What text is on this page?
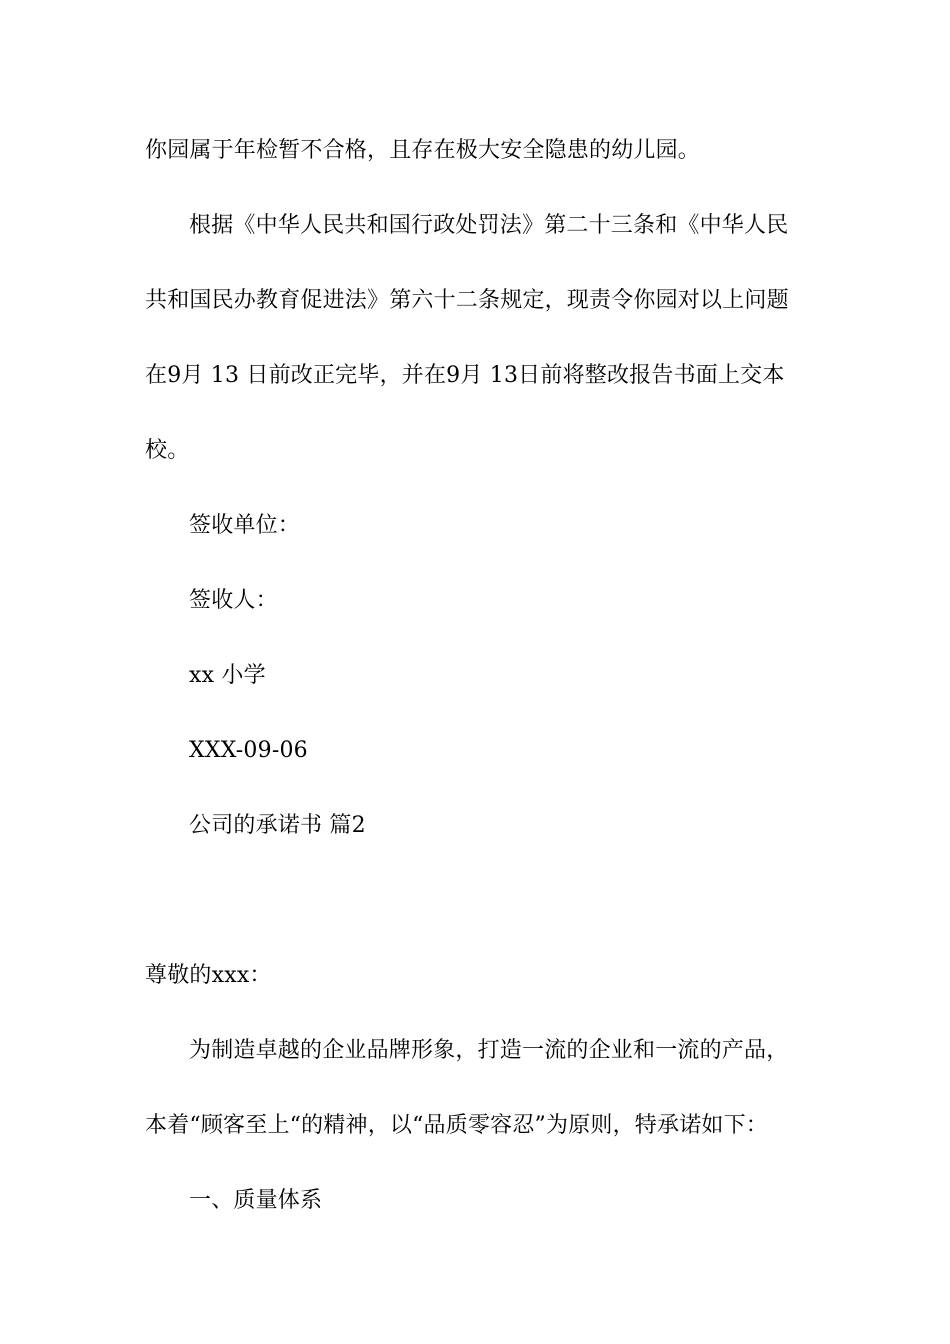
你园属于年检暂不合格，且存在极大安全隐患的幼儿园。
根据《中华人民共和国行政处罚法》第二十三条和《中华人民
共和国民办教育促进法》第六十二条规定，现责令你园对以上问题
在9月 13 日前改正完毕，并在9月 13日前将整改报告书面上交本
校。
签收单位：
签收人：
xx 小学
XXX-09-06
公司的承诺书 篇2
尊敬的xxx：
为制造卓越的企业品牌形象，打造一流的企业和一流的产品，
本着“顾客至上“的精神，以“品质零容忍”为原则，特承诺如下：
一、质量体系
